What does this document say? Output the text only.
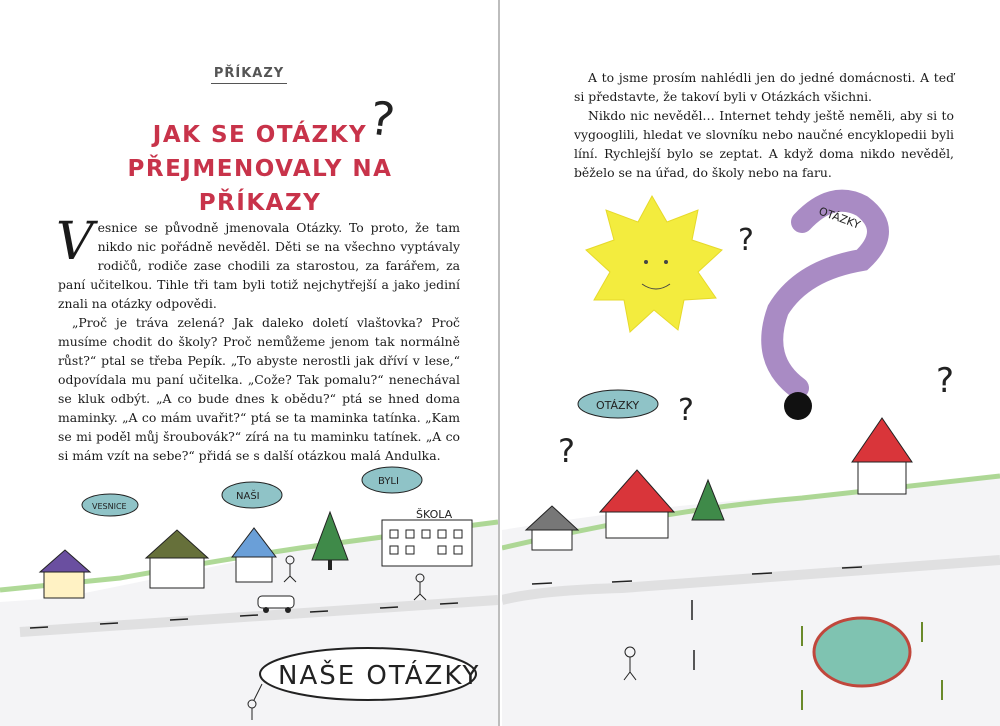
PŘÍKAZY
JAK SE OTÁZKY
PŘEJMENOVALY NA PŘÍKAZY
?

Vesnice se původně jmenovala Otázky. To proto, že tam nikdo nic pořádně nevěděl. Děti se na všechno vyptávaly rodičů, rodiče zase chodili za starostou, za farářem, za paní učitelkou. Tihle tři tam byli totiž nejchytřejší a jako jediní znali na otázky odpovědi.

„Proč je tráva zelená? Jak daleko doletí vlaštovka? Proč musíme chodit do školy? Proč nemůžeme jenom tak normálně růst?“ ptal se třeba Pepík. „To abyste nerostli jak dříví v lese,“ odpovídala mu paní učitelka. „Cože? Tak pomalu?“ nenechával se kluk odbýt. „A co bude dnes k obědu?“ ptá se hned doma maminky. „A co mám uvařit?“ ptá se ta maminka tatínka. „Kam se mi poděl můj šroubovák?“ zírá na tu maminku tatínek. „A co si mám vzít na sebe?“ přidá se s další otázkou malá Andulka.

ŠKOLA
VESNICE
NAŠI
BYLI
NAŠE OTÁZKY

A to jsme prosím nahlédli jen do jedné domácnosti. A teď si představte, že takoví byli v Otázkách všichni.

Nikdo nic nevěděl… Internet tehdy ještě neměli, aby si to vygooglili, hledat ve slovníku nebo naučné encyklopedii byli líní. Rychlejší bylo se zeptat. A když doma nikdo nevěděl, běželo se na úřad, do školy nebo na faru.

?
OTÁZKY
OTÁZKY ?
?
?
